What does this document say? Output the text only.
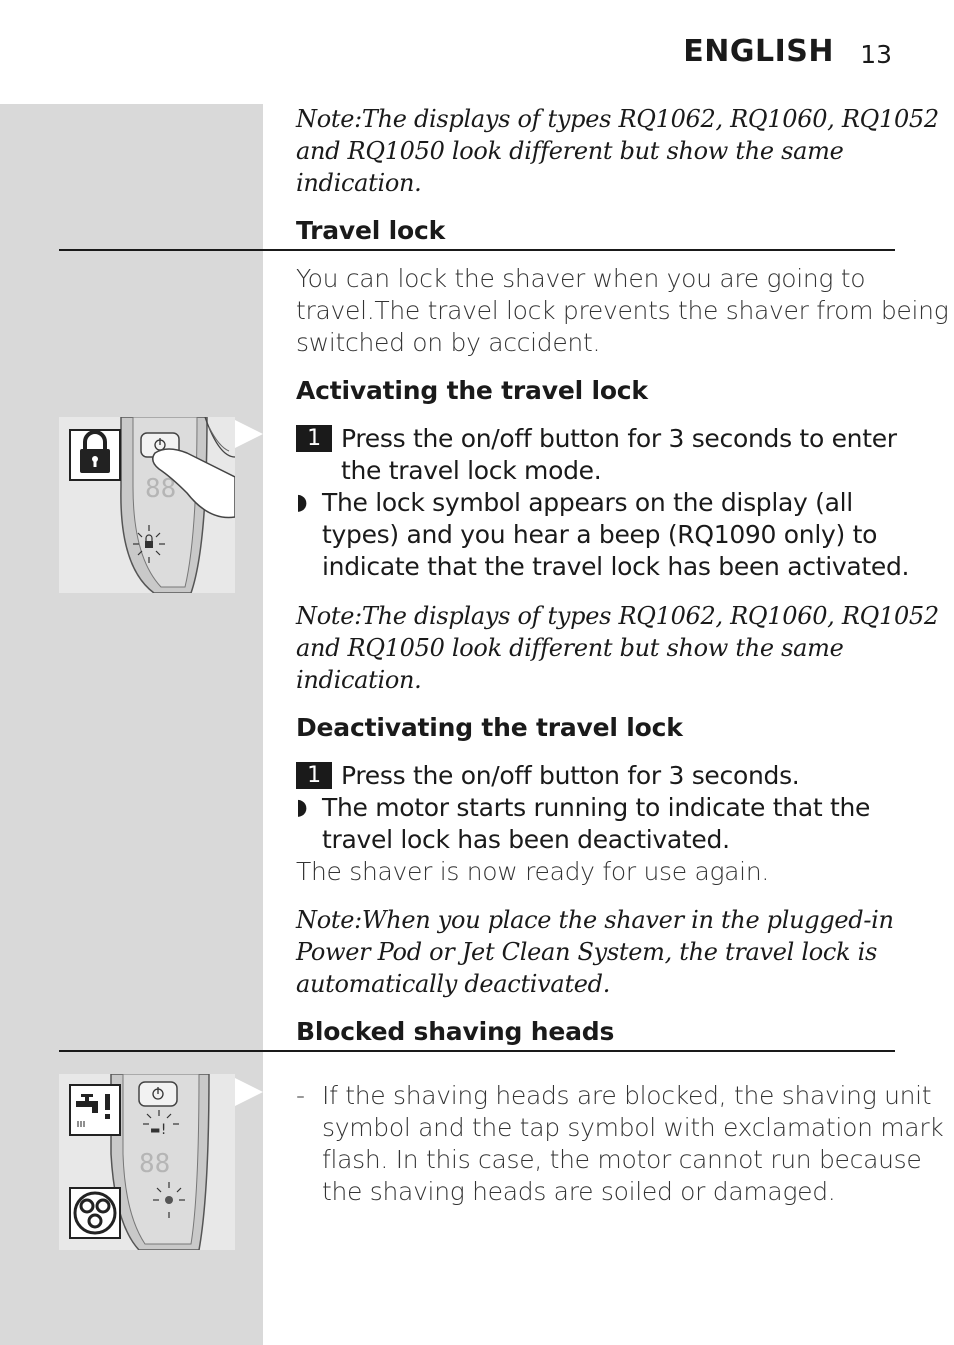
ENGLISH 13
Note:The displays of types RQ1062, RQ1060, RQ1052
and RQ1050 look different but show the same
indication.
Travel lock
You can lock the shaver when you are going to
travel.The travel lock prevents the shaver from being
switched on by accident.
Activating the travel lock
1 Press the on/off button for 3 seconds to enter
the travel lock mode.
◗ The lock symbol appears on the display (all
types) and you hear a beep (RQ1090 only) to
indicate that the travel lock has been activated.
88
Note:The displays of types RQ1062, RQ1060, RQ1052
and RQ1050 look different but show the same
indication.
Deactivating the travel lock
1 Press the on/off button for 3 seconds.
◗ The motor starts running to indicate that the
travel lock has been deactivated.
The shaver is now ready for use again.
Note:When you place the shaver in the plugged-in
Power Pod or Jet Clean System, the travel lock is
automatically deactivated.
Blocked shaving heads
- If the shaving heads are blocked, the shaving unit
symbol and the tap symbol with exclamation mark
flash. In this case, the motor cannot run because
the shaving heads are soiled or damaged.
▬!
88
